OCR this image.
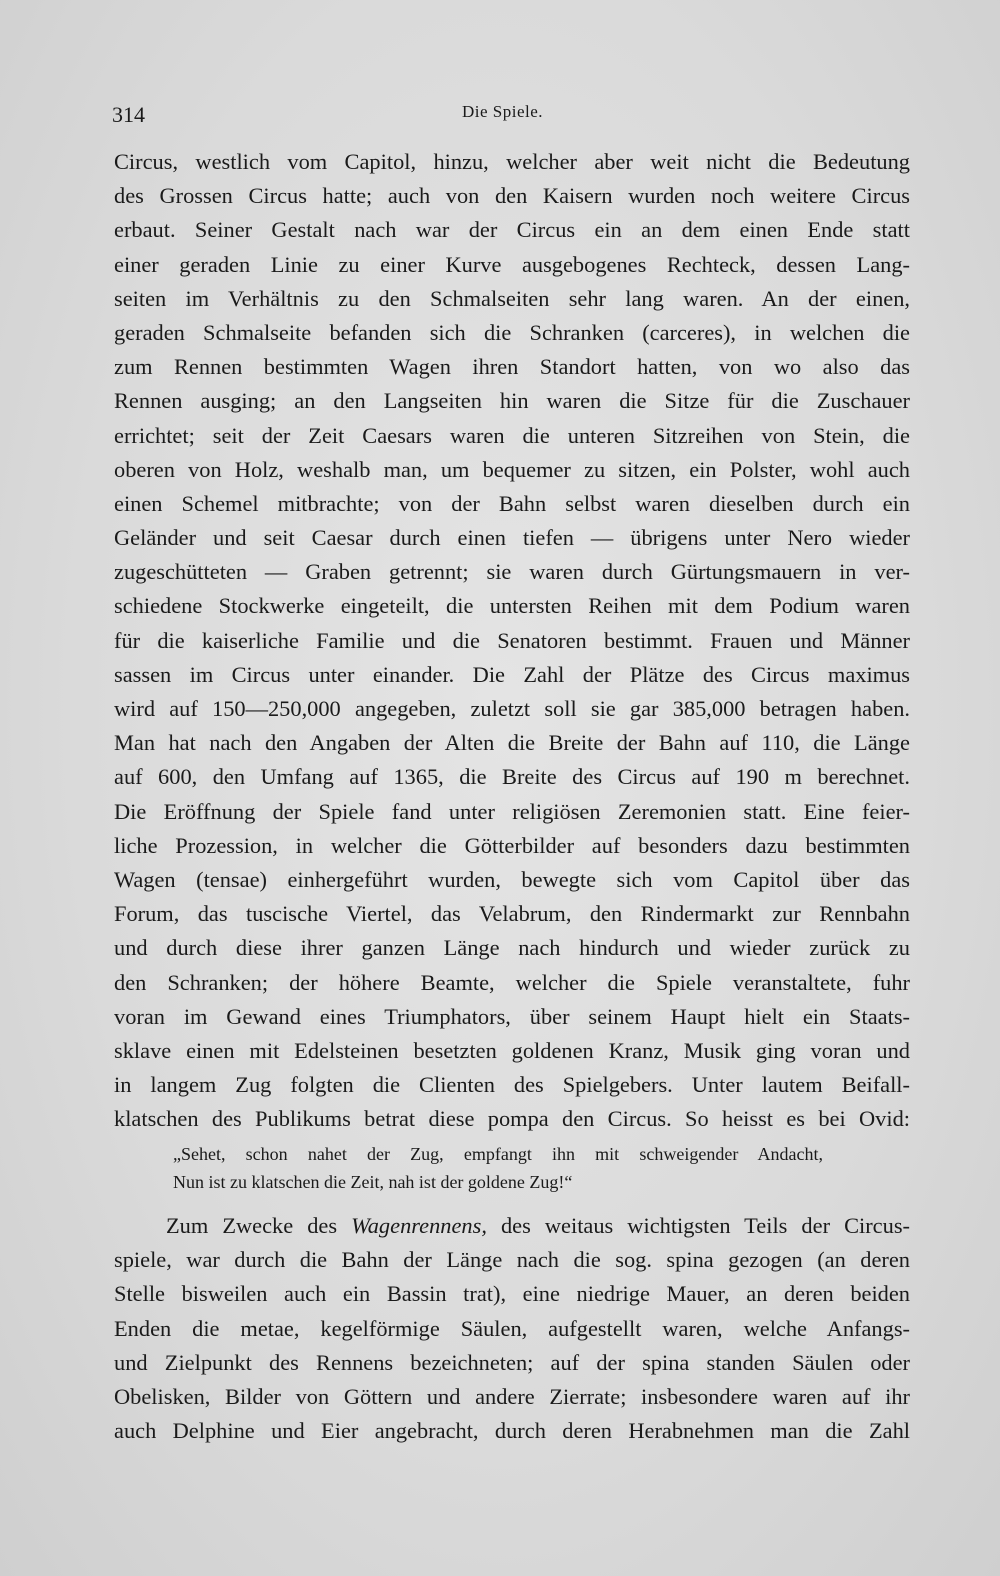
314	Die Spiele.
Circus, westlich vom Capitol, hinzu, welcher aber weit nicht die Bedeutung
des Grossen Circus hatte; auch von den Kaisern wurden noch weitere Circus
erbaut. Seiner Gestalt nach war der Circus ein an dem einen Ende statt
einer geraden Linie zu einer Kurve ausgebogenes Rechteck, dessen Lang-
seiten im Verhältnis zu den Schmalseiten sehr lang waren. An der einen,
geraden Schmalseite befanden sich die Schranken (carceres), in welchen die
zum Rennen bestimmten Wagen ihren Standort hatten, von wo also das
Rennen ausging; an den Langseiten hin waren die Sitze für die Zuschauer
errichtet; seit der Zeit Caesars waren die unteren Sitzreihen von Stein, die
oberen von Holz, weshalb man, um bequemer zu sitzen, ein Polster, wohl auch
einen Schemel mitbrachte; von der Bahn selbst waren dieselben durch ein
Geländer und seit Caesar durch einen tiefen — übrigens unter Nero wieder
zugeschütteten — Graben getrennt; sie waren durch Gürtungsmauern in ver-
schiedene Stockwerke eingeteilt, die untersten Reihen mit dem Podium waren
für die kaiserliche Familie und die Senatoren bestimmt. Frauen und Männer
sassen im Circus unter einander. Die Zahl der Plätze des Circus maximus
wird auf 150—250,000 angegeben, zuletzt soll sie gar 385,000 betragen haben.
Man hat nach den Angaben der Alten die Breite der Bahn auf 110, die Länge
auf 600, den Umfang auf 1365, die Breite des Circus auf 190 m berechnet.
Die Eröffnung der Spiele fand unter religiösen Zeremonien statt. Eine feier-
liche Prozession, in welcher die Götterbilder auf besonders dazu bestimmten
Wagen (tensae) einhergeführt wurden, bewegte sich vom Capitol über das
Forum, das tuscische Viertel, das Velabrum, den Rindermarkt zur Rennbahn
und durch diese ihrer ganzen Länge nach hindurch und wieder zurück zu
den Schranken; der höhere Beamte, welcher die Spiele veranstaltete, fuhr
voran im Gewand eines Triumphators, über seinem Haupt hielt ein Staats-
sklave einen mit Edelsteinen besetzten goldenen Kranz, Musik ging voran und
in langem Zug folgten die Clienten des Spielgebers. Unter lautem Beifall-
klatschen des Publikums betrat diese pompa den Circus. So heisst es bei Ovid:
„Sehet, schon nahet der Zug, empfangt ihn mit schweigender Andacht,
Nun ist zu klatschen die Zeit, nah ist der goldene Zug!“
Zum Zwecke des Wagenrennens, des weitaus wichtigsten Teils der Circus-
spiele, war durch die Bahn der Länge nach die sog. spina gezogen (an deren
Stelle bisweilen auch ein Bassin trat), eine niedrige Mauer, an deren beiden
Enden die metae, kegelförmige Säulen, aufgestellt waren, welche Anfangs-
und Zielpunkt des Rennens bezeichneten; auf der spina standen Säulen oder
Obelisken, Bilder von Göttern und andere Zierrate; insbesondere waren auf ihr
auch Delphine und Eier angebracht, durch deren Herabnehmen man die Zahl
